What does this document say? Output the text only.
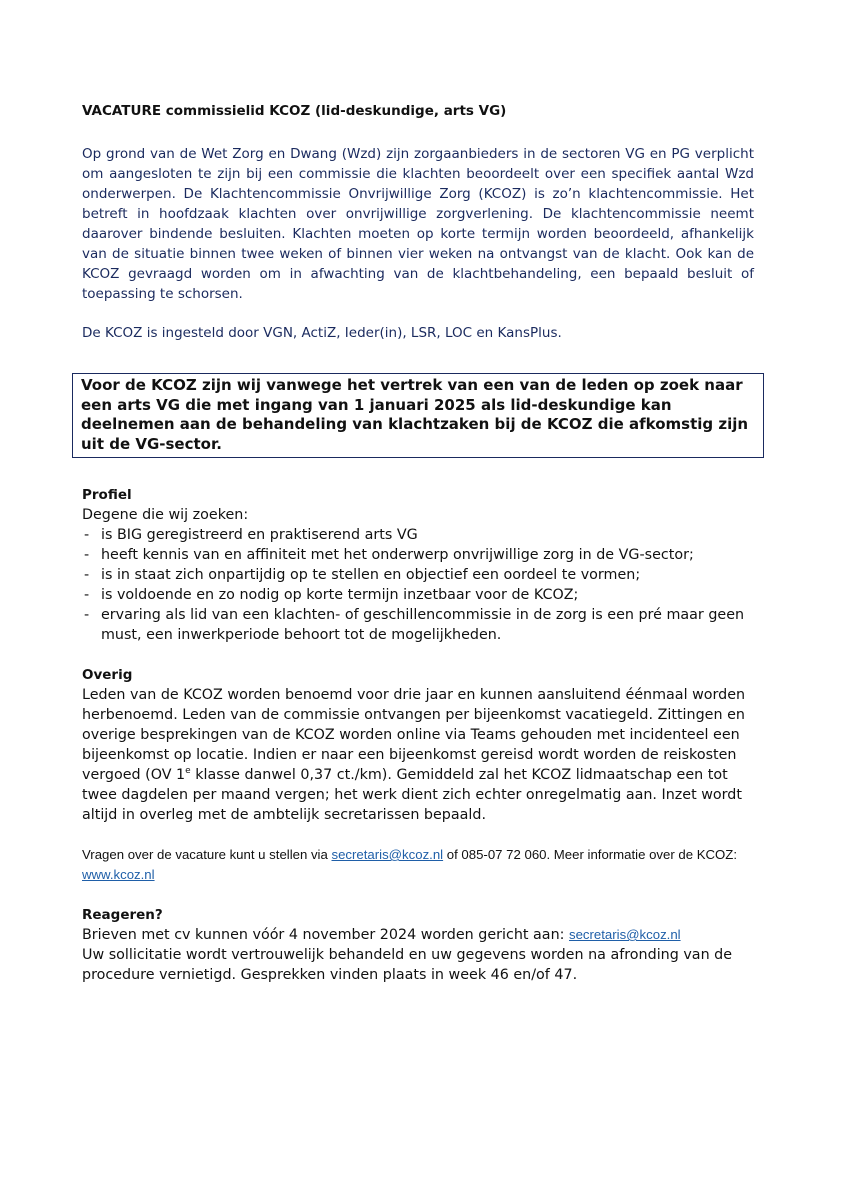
VACATURE commissielid KCOZ (lid-deskundige, arts VG)

Op grond van de Wet Zorg en Dwang (Wzd) zijn zorgaanbieders in de sectoren VG en PG verplicht om aangesloten te zijn bij een commissie die klachten beoordeelt over een specifiek aantal Wzd onderwerpen. De Klachtencommissie Onvrijwillige Zorg (KCOZ) is zo’n klachtencommissie. Het betreft in hoofdzaak klachten over onvrijwillige zorgverlening. De klachtencommissie neemt daarover bindende besluiten. Klachten moeten op korte termijn worden beoordeeld, afhankelijk van de situatie binnen twee weken of binnen vier weken na ontvangst van de klacht. Ook kan de KCOZ gevraagd worden om in afwachting van de klachtbehandeling, een bepaald besluit of toepassing te schorsen.

De KCOZ is ingesteld door VGN, ActiZ, Ieder(in), LSR, LOC en KansPlus.

Voor de KCOZ zijn wij vanwege het vertrek van een van de leden op zoek naar een arts VG die met ingang van 1 januari 2025 als lid-deskundige kan deelnemen aan de behandeling van klachtzaken bij de KCOZ die afkomstig zijn uit de VG-sector.

Profiel

Degene die wij zoeken:

- is BIG geregistreerd en praktiserend arts VG
- heeft kennis van en affiniteit met het onderwerp onvrijwillige zorg in de VG-sector;
- is in staat zich onpartijdig op te stellen en objectief een oordeel te vormen;
- is voldoende en zo nodig op korte termijn inzetbaar voor de KCOZ;
- ervaring als lid van een klachten- of geschillencommissie in de zorg is een pré maar geen must, een inwerkperiode behoort tot de mogelijkheden.

Overig

Leden van de KCOZ worden benoemd voor drie jaar en kunnen aansluitend éénmaal worden herbenoemd. Leden van de commissie ontvangen per bijeenkomst vacatiegeld. Zittingen en overige besprekingen van de KCOZ worden online via Teams gehouden met incidenteel een bijeenkomst op locatie. Indien er naar een bijeenkomst gereisd wordt worden de reiskosten vergoed (OV 1e klasse danwel 0,37 ct./km). Gemiddeld zal het KCOZ lidmaatschap een tot twee dagdelen per maand vergen; het werk dient zich echter onregelmatig aan. Inzet wordt altijd in overleg met de ambtelijk secretarissen bepaald.

Vragen over de vacature kunt u stellen via secretaris@kcoz.nl of 085-07 72 060. Meer informatie over de KCOZ: www.kcoz.nl

Reageren?

Brieven met cv kunnen vóór 4 november 2024 worden gericht aan: secretaris@kcoz.nl

Uw sollicitatie wordt vertrouwelijk behandeld en uw gegevens worden na afronding van de procedure vernietigd. Gesprekken vinden plaats in week 46 en/of 47.
